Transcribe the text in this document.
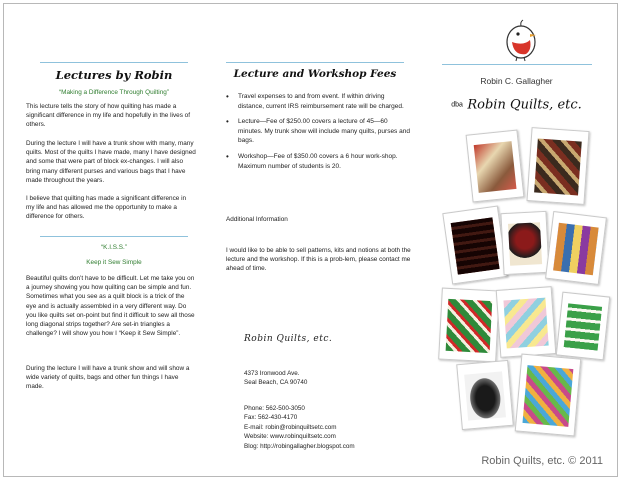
Lectures by Robin
“Making a Difference Through Quilting”
This lecture tells the story of how quilting has made a significant difference in my life and hopefully in the lives of others.
During the lecture I will have a trunk show with many, many quilts. Most of the quilts I have made, many I have designed and some that were part of block ex-changes. I will also bring many different purses and various bags that I have made throughout the years.
I believe that quilting has made a significant difference in my life and has allowed me the opportunity to make a difference for others.
“K.I.S.S.”
Keep it Sew Simple
Beautiful quilts don’t have to be difficult. Let me take you on a journey showing you how quilting can be simple and fun. Sometimes what you see as a quilt block is a trick of the eye and is actually assembled in a very different way. Do you like quilts set on-point but find it difficult to sew all those long diagonal strips together? Are set-in triangles a challenge? I will show you how I “Keep it Sew Simple”.
During the lecture I will have a trunk show and will show a wide variety of quilts, bags and other fun things I have made.
Lecture and Workshop Fees
• Travel expenses to and from event. If within driving distance, current IRS reimbursement rate will be charged.
• Lecture—Fee of $250.00 covers a lecture of 45—60 minutes. My trunk show will include many quilts, purses and bags.
• Workshop—Fee of $350.00 covers a 6 hour work-shop. Maximum number of students is 20.
Additional Information
I would like to be able to sell patterns, kits and notions at both the lecture and the workshop. If this is a prob-lem, please contact me ahead of time.
Robin Quilts, etc.
4373 Ironwood Ave.
Seal Beach, CA 90740
Phone: 562-500-3050
Fax: 562-430-4170
E-mail: robin@robinquiltsetc.com
Website: www.robinquiltsetc.com
Blog: http://robingallagher.blogspot.com
Robin C. Gallagher
dba Robin Quilts, etc.
Robin Quilts, etc. © 2011
